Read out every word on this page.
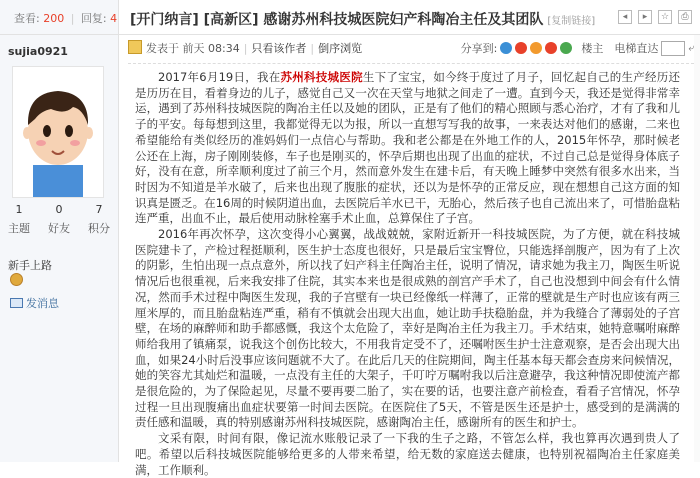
查看: 200 | 回复: 4 [开门纳言] [高新区] 感谢苏州科技城医院妇产科陶冶主任及其团队 [复制链接]	◂	▸	☆	⎙
sujia0921
1
主题
0
好友
7
积分
新手上路
发消息
发表于 前天 08:34 | 只看该作者 | 倒序浏览	分享到:	楼主 电梯直达	⤶

2017年6月19日，我在苏州科技城医院生下了宝宝，如今终于度过了月子，回忆起自己的生产经历还是历历在目，看着身边的儿子，感觉自己又一次在天堂与地狱之间走了一遭。直到今天，我还是觉得非常幸运，遇到了苏州科技城医院的陶冶主任以及她的团队，正是有了他们的精心照顾与悉心治疗，才有了我和儿子的平安。每每想到这里，我都觉得无以为报，所以一直想写写我的故事，一来表达对他们的感谢，二来也希望能给有类似经历的准妈妈们一点信心与帮助。我和老公都是在外地工作的人，2015年怀孕，那时候老公还在上海，房子刚刚装修，车子也是刚买的，怀孕后期也出现了出血的症状，不过自己总是觉得身体底子好，没有在意，所幸顺利度过了前三个月，然而意外发生在建卡后，有天晚上睡梦中突然有很多水出来，当时因为不知道是羊水破了，后来也出现了腹胀的症状，还以为是怀孕的正常反应，现在想想自己这方面的知识真是匮乏。在16周的时候阴道出血，去医院后羊水已干，无胎心，然后孩子也自己流出来了，可惜胎盘粘连严重，出血不止，最后使用动脉栓塞手术止血，总算保住了子宫。

2016年再次怀孕，这次变得小心翼翼，战战兢兢，家附近新开一科技城医院，为了方便，就在科技城医院建卡了，产检过程挺顺利，医生护士态度也很好，只是最后宝宝臀位，只能选择剖腹产，因为有了上次的阴影，生怕出现一点点意外，所以找了妇产科主任陶冶主任，说明了情况，请求她为我主刀，陶医生听说情况后也很重视，后来我安排了住院，其实本来也是很成熟的剖宫产手术了，自己也没想到中间会有什么情况，然而手术过程中陶医生发现，我的子宫壁有一块已经像纸一样薄了，正常的壁就是生产时也应该有两三厘米厚的，而且胎盘粘连严重，稍有不慎就会出现大出血，她让助手扶稳胎盘，并为我缝合了薄弱处的子宫壁，在场的麻醉师和助手都感慨，我这个太危险了，幸好是陶冶主任为我主刀。手术结束，她特意嘱咐麻醉师给我用了镇痛泵，说我这个创伤比较大，不用我肯定受不了，还嘱咐医生护士注意观察，是否会出现大出血，如果24小时后没事应该问题就不大了。在此后几天的住院期间，陶主任基本每天都会查房来问候情况，她的笑容尤其灿烂和温暖，一点没有主任的大架子，千叮咛万嘱咐我以后注意避孕，我这种情况即使流产都是很危险的，为了保险起见，尽量不要再要二胎了，实在要的话，也要注意产前检查，看看子宫情况，怀孕过程一旦出现腹痛出血症状要第一时间去医院。在医院住了5天，不管是医生还是护士，感受到的是满满的责任感和温暖，真的特别感谢苏州科技城医院，感谢陶冶主任，感谢所有的医生和护士。

文采有限，时间有限，像记流水账般记录了一下我的生子之路，不管怎么样，我也算再次遇到贵人了吧。希望以后科技城医院能够给更多的人带来希望，给无数的家庭送去健康，也特别祝福陶冶主任家庭美满，工作顺利。
